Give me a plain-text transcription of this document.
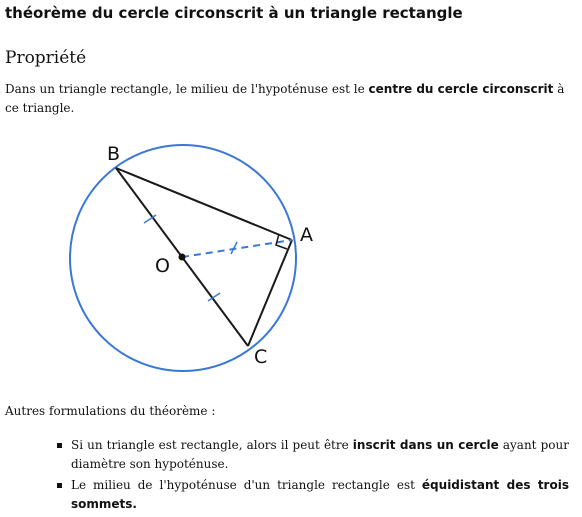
théorème du cercle circonscrit à un triangle rectangle
Propriété
Dans un triangle rectangle, le milieu de l'hypoténuse est le centre du cercle circonscrit à ce triangle.
B
A
O
C
Autres formulations du théorème :
Si un triangle est rectangle, alors il peut être inscrit dans un cercle ayant pour diamètre son hypoténuse.
Le milieu de l'hypoténuse d'un triangle rectangle est équidistant des trois sommets.
